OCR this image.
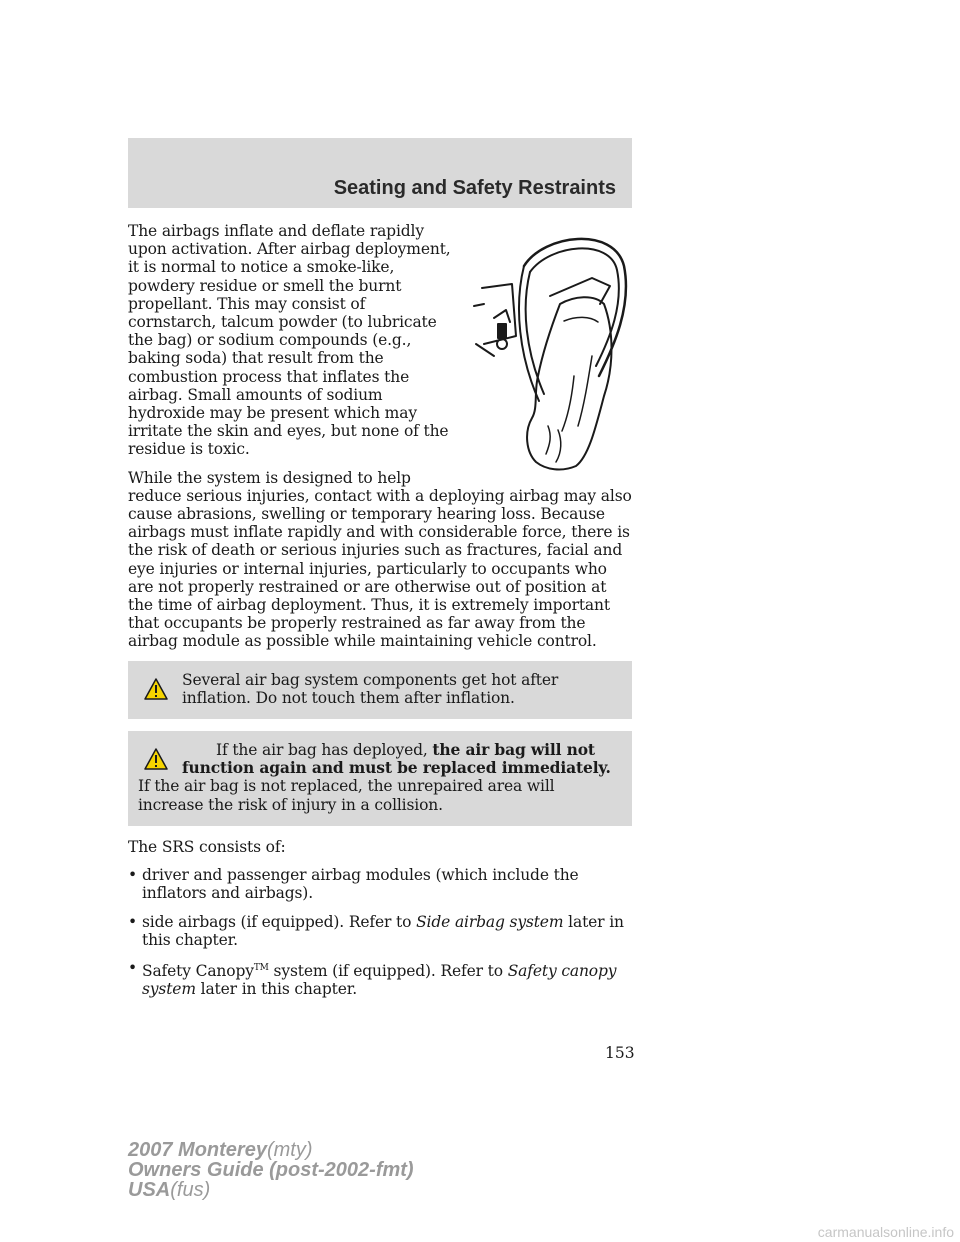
Seating and Safety Restraints

The airbags inflate and deflate rapidly upon activation. After airbag deployment, it is normal to notice a smoke-like, powdery residue or smell the burnt propellant. This may consist of cornstarch, talcum powder (to lubricate the bag) or sodium compounds (e.g., baking soda) that result from the combustion process that inflates the airbag. Small amounts of sodium hydroxide may be present which may irritate the skin and eyes, but none of the residue is toxic.

While the system is designed to help reduce serious injuries, contact with a deploying airbag may also cause abrasions, swelling or temporary hearing loss. Because airbags must inflate rapidly and with considerable force, there is the risk of death or serious injuries such as fractures, facial and eye injuries or internal injuries, particularly to occupants who are not properly restrained or are otherwise out of position at the time of airbag deployment. Thus, it is extremely important that occupants be properly restrained as far away from the airbag module as possible while maintaining vehicle control.

Several air bag system components get hot after inflation. Do not touch them after inflation.
If the air bag has deployed, the air bag will not function again and must be replaced immediately. If the air bag is not replaced, the unrepaired area will increase the risk of injury in a collision.

The SRS consists of:

• driver and passenger airbag modules (which include the inflators and airbags).
• side airbags (if equipped). Refer to Side airbag system later in this chapter.
• Safety Canopy™ system (if equipped). Refer to Safety canopy system later in this chapter.
153
2007 Monterey(mty)
Owners Guide (post-2002-fmt)
USA(fus)
carmanualsonline.info
